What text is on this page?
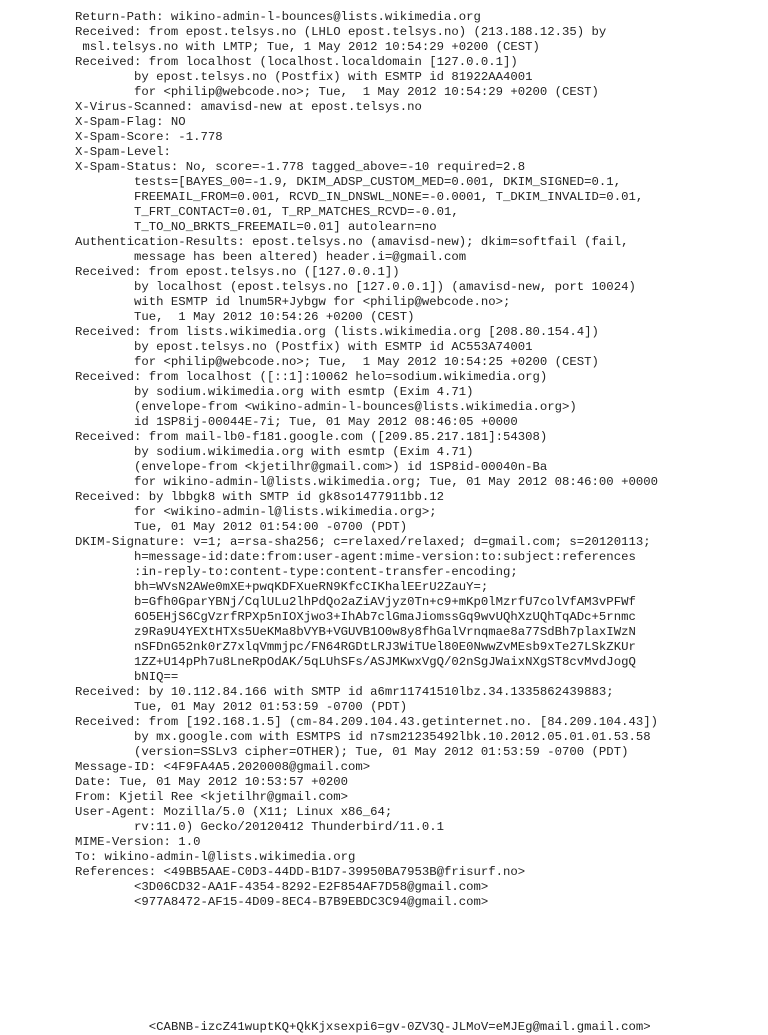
Return-Path: wikino-admin-l-bounces@lists.wikimedia.org
Received: from epost.telsys.no (LHLO epost.telsys.no) (213.188.12.35) by
msl.telsys.no with LMTP; Tue, 1 May 2012 10:54:29 +0200 (CEST)
Received: from localhost (localhost.localdomain [127.0.0.1])
by epost.telsys.no (Postfix) with ESMTP id 81922AA4001
for <philip@webcode.no>; Tue,  1 May 2012 10:54:29 +0200 (CEST)
X-Virus-Scanned: amavisd-new at epost.telsys.no
X-Spam-Flag: NO
X-Spam-Score: -1.778
X-Spam-Level:
X-Spam-Status: No, score=-1.778 tagged_above=-10 required=2.8
tests=[BAYES_00=-1.9, DKIM_ADSP_CUSTOM_MED=0.001, DKIM_SIGNED=0.1,
FREEMAIL_FROM=0.001, RCVD_IN_DNSWL_NONE=-0.0001, T_DKIM_INVALID=0.01,
T_FRT_CONTACT=0.01, T_RP_MATCHES_RCVD=-0.01,
T_TO_NO_BRKTS_FREEMAIL=0.01] autolearn=no
Authentication-Results: epost.telsys.no (amavisd-new); dkim=softfail (fail,
message has been altered) header.i=@gmail.com
Received: from epost.telsys.no ([127.0.0.1])
by localhost (epost.telsys.no [127.0.0.1]) (amavisd-new, port 10024)
with ESMTP id lnum5R+Jybgw for <philip@webcode.no>;
Tue,  1 May 2012 10:54:26 +0200 (CEST)
Received: from lists.wikimedia.org (lists.wikimedia.org [208.80.154.4])
by epost.telsys.no (Postfix) with ESMTP id AC553A74001
for <philip@webcode.no>; Tue,  1 May 2012 10:54:25 +0200 (CEST)
Received: from localhost ([::1]:10062 helo=sodium.wikimedia.org)
by sodium.wikimedia.org with esmtp (Exim 4.71)
(envelope-from <wikino-admin-l-bounces@lists.wikimedia.org>)
id 1SP8ij-00044E-7i; Tue, 01 May 2012 08:46:05 +0000
Received: from mail-lb0-f181.google.com ([209.85.217.181]:54308)
by sodium.wikimedia.org with esmtp (Exim 4.71)
(envelope-from <kjetilhr@gmail.com>) id 1SP8id-00040n-Ba
for wikino-admin-l@lists.wikimedia.org; Tue, 01 May 2012 08:46:00 +0000
Received: by lbbgk8 with SMTP id gk8so1477911bb.12
for <wikino-admin-l@lists.wikimedia.org>;
Tue, 01 May 2012 01:54:00 -0700 (PDT)
DKIM-Signature: v=1; a=rsa-sha256; c=relaxed/relaxed; d=gmail.com; s=20120113;
h=message-id:date:from:user-agent:mime-version:to:subject:references
:in-reply-to:content-type:content-transfer-encoding;
bh=WVsN2AWe0mXE+pwqKDFXueRN9KfcCIKhalEErU2ZauY=;
b=Gfh0GparYBNj/CqlULu2lhPdQo2aZiAVjyz0Tn+c9+mKp0lMzrfU7colVfAM3vPFWf
6O5EHjS6CgVzrfRPXp5nIOXjwo3+IhAb7clGmaJiomssGq9wvUQhXzUQhTqADc+5rnmc
z9Ra9U4YEXtHTXs5UeKMa8bVYB+VGUVB1O0w8y8fhGalVrnqmae8a77SdBh7plaxIWzN
nSFDnG52nk0rZ7xlqVmmjpc/FN64RGDtLRJ3WiTUel80E0NwwZvMEsb9xTe27LSkZKUr
1ZZ+U14pPh7u8LneRpOdAK/5qLUhSFs/ASJMKwxVgQ/02nSgJWaixNXgST8cvMvdJogQ
bNIQ==
Received: by 10.112.84.166 with SMTP id a6mr11741510lbz.34.1335862439883;
Tue, 01 May 2012 01:53:59 -0700 (PDT)
Received: from [192.168.1.5] (cm-84.209.104.43.getinternet.no. [84.209.104.43])
by mx.google.com with ESMTPS id n7sm21235492lbk.10.2012.05.01.01.53.58
(version=SSLv3 cipher=OTHER); Tue, 01 May 2012 01:53:59 -0700 (PDT)
Message-ID: <4F9FA4A5.2020008@gmail.com>
Date: Tue, 01 May 2012 10:53:57 +0200
From: Kjetil Ree <kjetilhr@gmail.com>
User-Agent: Mozilla/5.0 (X11; Linux x86_64;
rv:11.0) Gecko/20120412 Thunderbird/11.0.1
MIME-Version: 1.0
To: wikino-admin-l@lists.wikimedia.org
References: <49BB5AAE-C0D3-44DD-B1D7-39950BA7953B@frisurf.no>
<3D06CD32-AA1F-4354-8292-E2F854AF7D58@gmail.com>
<977A8472-AF15-4D09-8EC4-B7B9EBDC3C94@gmail.com>

<CABNB-izcZ41wuptKQ+QkKjxsexpi6=gv-0ZV3Q-JLMoV=eMJEg@mail.gmail.com>
